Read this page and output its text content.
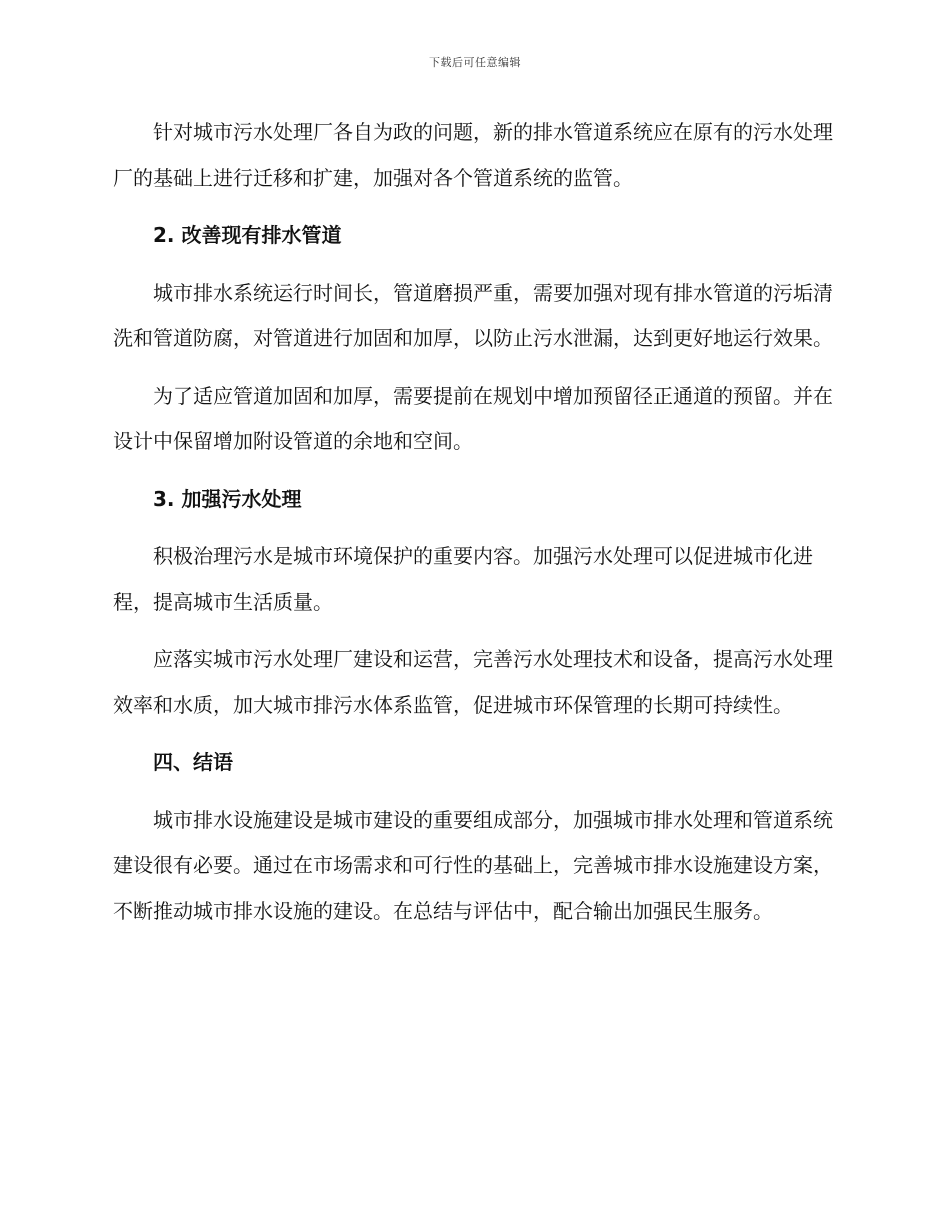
下载后可任意编辑

针对城市污水处理厂各自为政的问题，新的排水管道系统应在原有的污水处理厂的基础上进行迁移和扩建，加强对各个管道系统的监管。

2. 改善现有排水管道

城市排水系统运行时间长，管道磨损严重，需要加强对现有排水管道的污垢清洗和管道防腐，对管道进行加固和加厚，以防止污水泄漏，达到更好地运行效果。

为了适应管道加固和加厚，需要提前在规划中增加预留径正通道的预留。并在设计中保留增加附设管道的余地和空间。

3. 加强污水处理

积极治理污水是城市环境保护的重要内容。加强污水处理可以促进城市化进程，提高城市生活质量。

应落实城市污水处理厂建设和运营，完善污水处理技术和设备，提高污水处理效率和水质，加大城市排污水体系监管，促进城市环保管理的长期可持续性。

四、结语

城市排水设施建设是城市建设的重要组成部分，加强城市排水处理和管道系统建设很有必要。通过在市场需求和可行性的基础上，完善城市排水设施建设方案，不断推动城市排水设施的建设。在总结与评估中，配合输出加强民生服务。
